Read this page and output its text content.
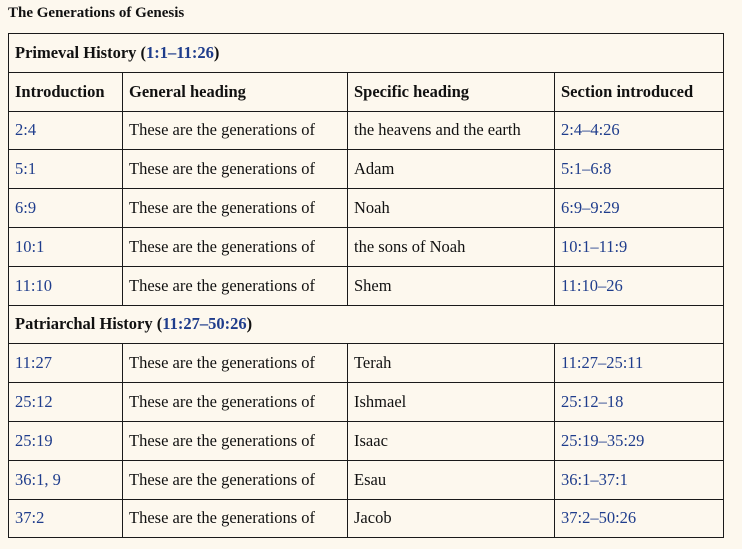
The Generations of Genesis
Primeval History (1:1–11:26)			
Introduction	General heading	Specific heading	Section introduced
2:4	These are the generations of	the heavens and the earth	2:4–4:26
5:1	These are the generations of	Adam	5:1–6:8
6:9	These are the generations of	Noah	6:9–9:29
10:1	These are the generations of	the sons of Noah	10:1–11:9
11:10	These are the generations of	Shem	11:10–26
Patriarchal History (11:27–50:26)			
11:27	These are the generations of	Terah	11:27–25:11
25:12	These are the generations of	Ishmael	25:12–18
25:19	These are the generations of	Isaac	25:19–35:29
36:1, 9	These are the generations of	Esau	36:1–37:1
37:2	These are the generations of	Jacob	37:2–50:26
